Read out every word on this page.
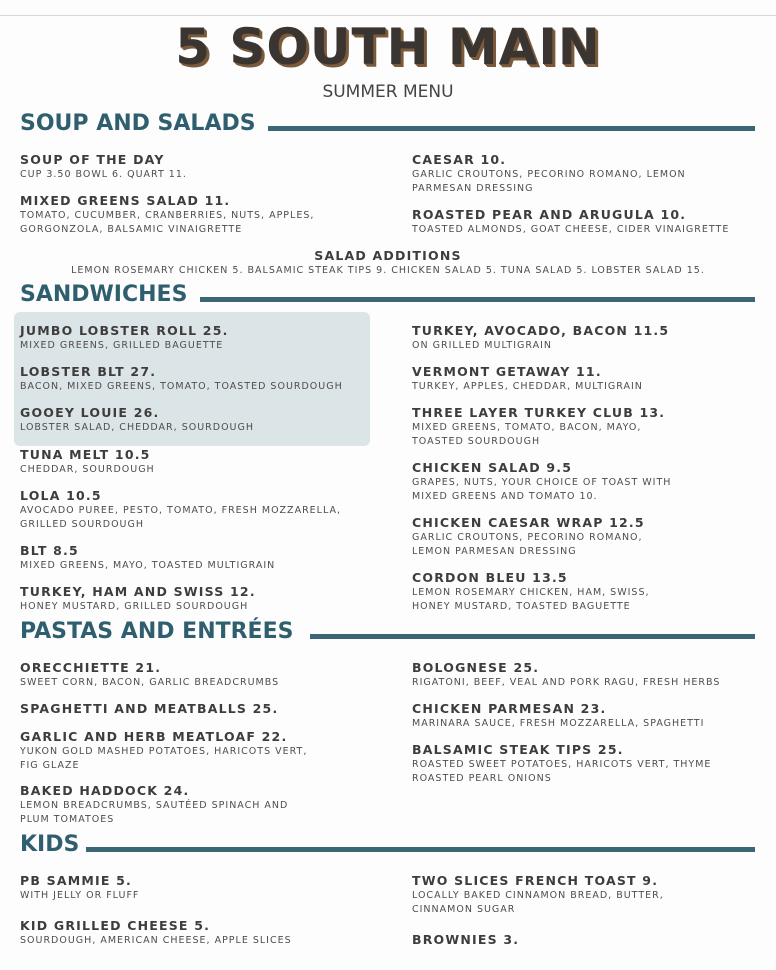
5 SOUTH MAIN
SUMMER MENU
SOUP AND SALADS
SOUP OF THE DAY
CUP 3.50 BOWL 6. QUART 11.
MIXED GREENS SALAD 11.
TOMATO, CUCUMBER, CRANBERRIES, NUTS, APPLES, GORGONZOLA, BALSAMIC VINAIGRETTE
CAESAR 10.
GARLIC CROUTONS, PECORINO ROMANO, LEMON PARMESAN DRESSING
ROASTED PEAR AND ARUGULA 10.
TOASTED ALMONDS, GOAT CHEESE, CIDER VINAIGRETTE
SALAD ADDITIONS
LEMON ROSEMARY CHICKEN 5. BALSAMIC STEAK TIPS 9. CHICKEN SALAD 5. TUNA SALAD 5. LOBSTER SALAD 15.
SANDWICHES
JUMBO LOBSTER ROLL 25.
MIXED GREENS, GRILLED BAGUETTE
LOBSTER BLT 27.
BACON, MIXED GREENS, TOMATO, TOASTED SOURDOUGH
GOOEY LOUIE 26.
LOBSTER SALAD, CHEDDAR, SOURDOUGH
TUNA MELT 10.5
CHEDDAR, SOURDOUGH
LOLA 10.5
AVOCADO PUREE, PESTO, TOMATO, FRESH MOZZARELLA, GRILLED SOURDOUGH
BLT 8.5
MIXED GREENS, MAYO, TOASTED MULTIGRAIN
TURKEY, HAM AND SWISS 12.
HONEY MUSTARD, GRILLED SOURDOUGH
TURKEY, AVOCADO, BACON 11.5
ON GRILLED MULTIGRAIN
VERMONT GETAWAY 11.
TURKEY, APPLES, CHEDDAR, MULTIGRAIN
THREE LAYER TURKEY CLUB 13.
MIXED GREENS, TOMATO, BACON, MAYO, TOASTED SOURDOUGH
CHICKEN SALAD 9.5
GRAPES, NUTS, YOUR CHOICE OF TOAST WITH MIXED GREENS AND TOMATO 10.
CHICKEN CAESAR WRAP 12.5
GARLIC CROUTONS, PECORINO ROMANO, LEMON PARMESAN DRESSING
CORDON BLEU 13.5
LEMON ROSEMARY CHICKEN, HAM, SWISS, HONEY MUSTARD, TOASTED BAGUETTE
PASTAS AND ENTRÉES
ORECCHIETTE 21.
SWEET CORN, BACON, GARLIC BREADCRUMBS
SPAGHETTI AND MEATBALLS 25.
GARLIC AND HERB MEATLOAF 22.
YUKON GOLD MASHED POTATOES, HARICOTS VERT, FIG GLAZE
BAKED HADDOCK 24.
LEMON BREADCRUMBS, SAUTÉED SPINACH AND PLUM TOMATOES
BOLOGNESE 25.
RIGATONI, BEEF, VEAL AND PORK RAGU, FRESH HERBS
CHICKEN PARMESAN 23.
MARINARA SAUCE, FRESH MOZZARELLA, SPAGHETTI
BALSAMIC STEAK TIPS 25.
ROASTED SWEET POTATOES, HARICOTS VERT, THYME ROASTED PEARL ONIONS
KIDS
PB SAMMIE 5.
WITH JELLY OR FLUFF
KID GRILLED CHEESE 5.
SOURDOUGH, AMERICAN CHEESE, APPLE SLICES
TWO SLICES FRENCH TOAST 9.
LOCALLY BAKED CINNAMON BREAD, BUTTER, CINNAMON SUGAR
BROWNIES 3.
